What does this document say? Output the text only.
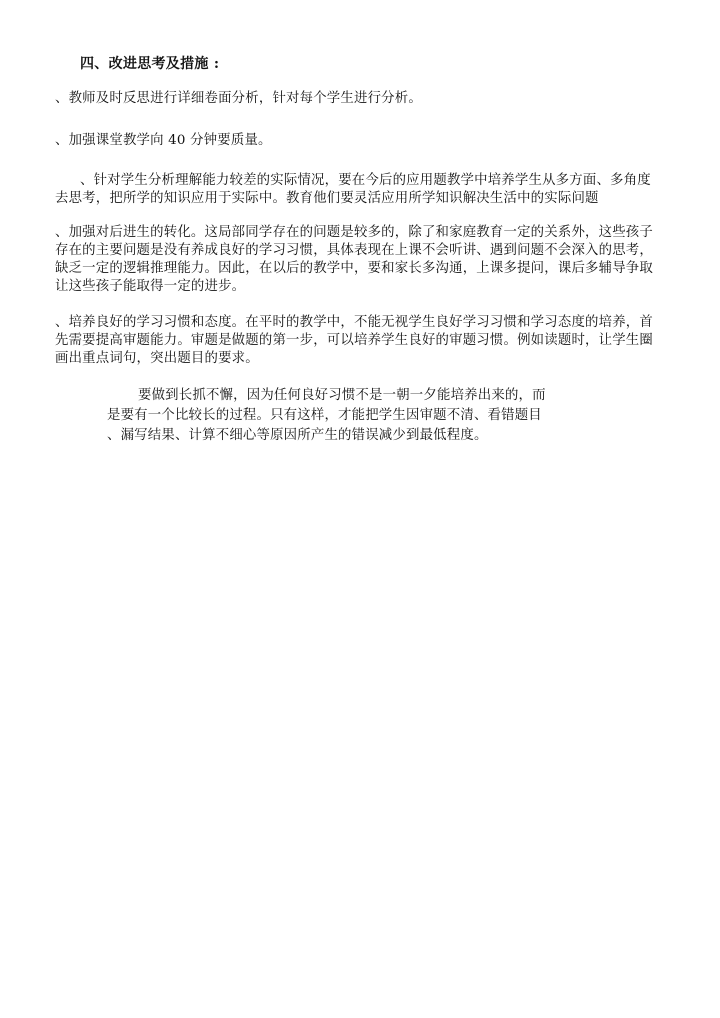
四、改进思考及措施 :
、教师及时反思进行详细卷面分析，针对每个学生进行分析。
、加强课堂教学向 40 分钟要质量。
、针对学生分析理解能力较差的实际情况，要在今后的应用题教学中培养学生从多方面、多角度
去思考，把所学的知识应用于实际中。教育他们要灵活应用所学知识解决生活中的实际问题
、加强对后进生的转化。这局部同学存在的问题是较多的，除了和家庭教育一定的关系外，这些孩子
存在的主要问题是没有养成良好的学习习惯，具体表现在上课不会听讲、遇到问题不会深入的思考，
缺乏一定的逻辑推理能力。因此，在以后的教学中，要和家长多沟通，上课多提问，课后多辅导争取
让这些孩子能取得一定的进步。
、培养良好的学习习惯和态度。在平时的教学中，不能无视学生良好学习习惯和学习态度的培养，首
先需要提高审题能力。审题是做题的第一步，可以培养学生良好的审题习惯。例如读题时，让学生圈
画出重点词句，突出题目的要求。
要做到长抓不懈，因为任何良好习惯不是一朝一夕能培养出来的，而
是要有一个比较长的过程。只有这样，才能把学生因审题不清、看错题目
、漏写结果、计算不细心等原因所产生的错误减少到最低程度。
